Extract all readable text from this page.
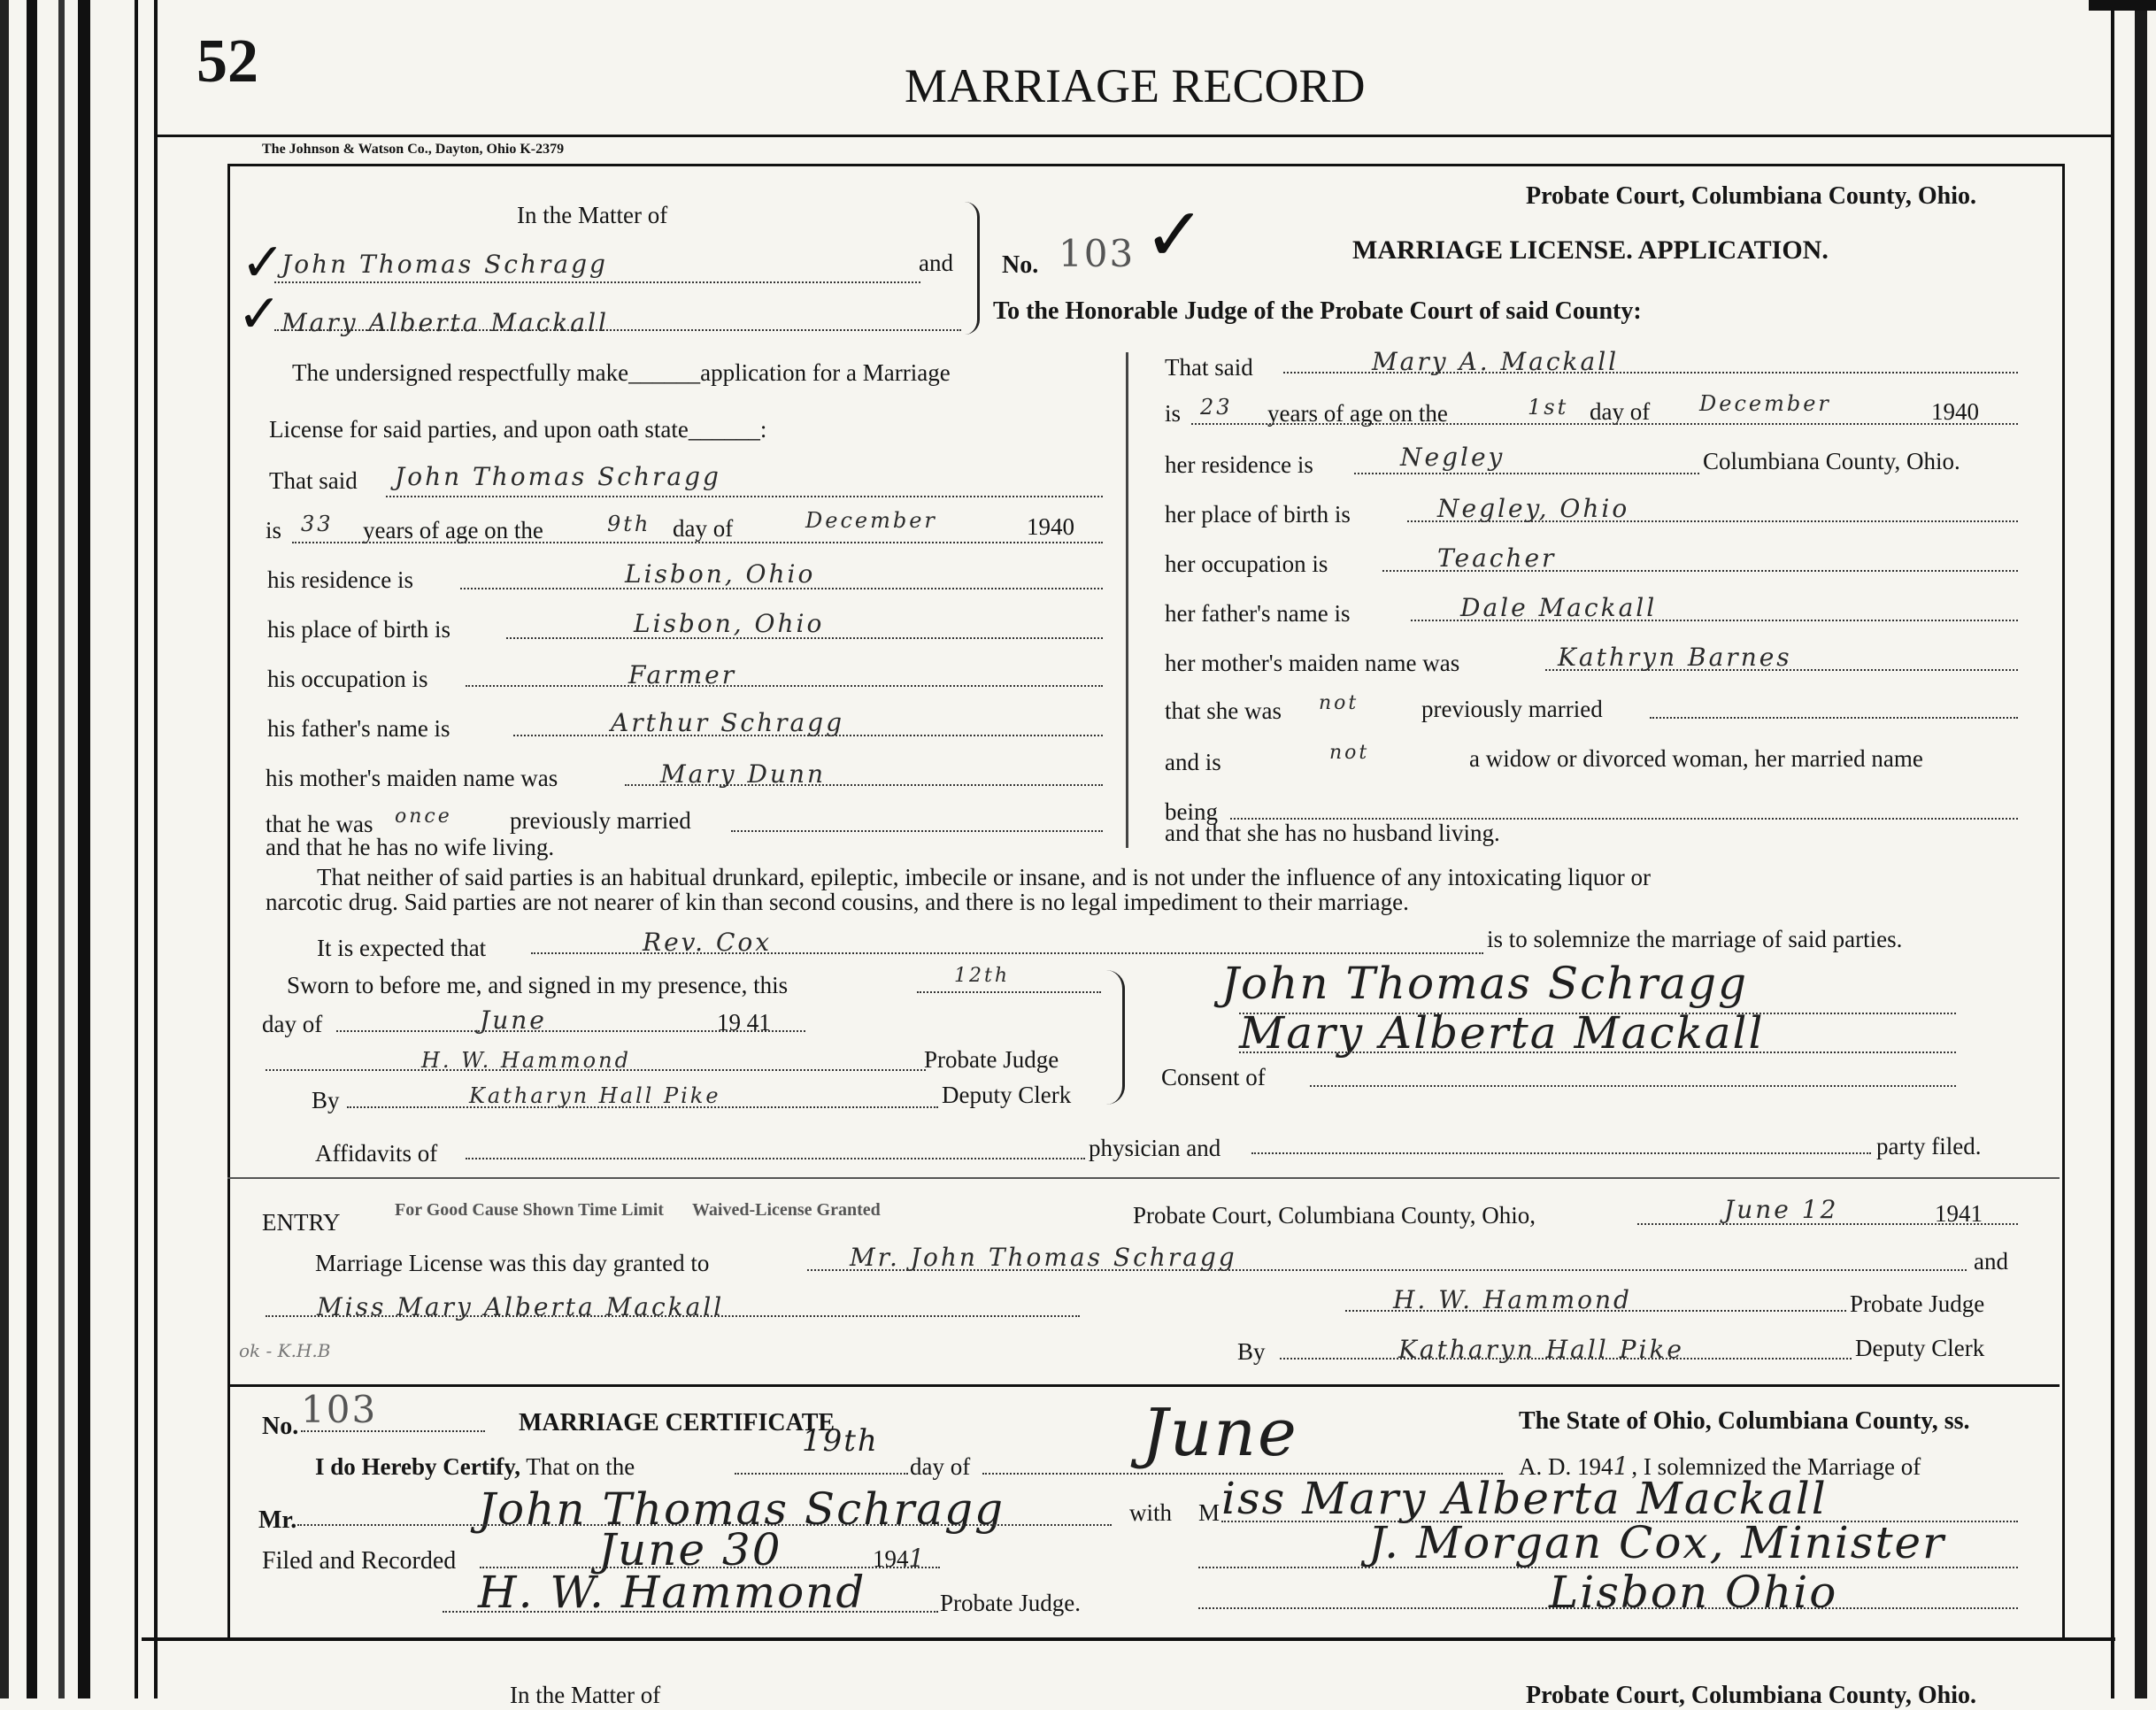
52	MARRIAGE RECORD
The Johnson & Watson Co., Dayton, Ohio K-2379
In the Matter of
✓
✓
John Thomas Schragg	and
Mary Alberta Mackall
No. 103 ✓	Probate Court, Columbiana County, Ohio.
MARRIAGE LICENSE. APPLICATION.
To the Honorable Judge of the Probate Court of said County:
The undersigned respectfully make______application for a Marriage
License for said parties, and upon oath state______:
That said John Thomas Schragg
is 33 years of age on the	9th day of	December	1940
his residence is	Lisbon, Ohio
his place of birth is	Lisbon, Ohio
his occupation is	Farmer
his father's name is	Arthur Schragg
his mother's maiden name was	Mary Dunn
that he was once previously married
and that he has no wife living.
That said	Mary A. Mackall
is 23 years of age on the	1st day of December	1940
her residence is	Negley	Columbiana County, Ohio.
her place of birth is	Negley, Ohio
her occupation is	Teacher
her father's name is	Dale Mackall
her mother's maiden name was	Kathryn Barnes
that she was not	previously married
and is	not	a widow or divorced woman, her married name
being
and that she has no husband living.
That neither of said parties is an habitual drunkard, epileptic, imbecile or insane, and is not under the influence of any intoxicating liquor or
narcotic drug. Said parties are not nearer of kin than second cousins, and there is no legal impediment to their marriage.
It is expected that	Rev. Cox	is to solemnize the marriage of said parties.
Sworn to before me, and signed in my presence, this	12th
day of	June	19 41
H. W. Hammond	Probate Judge
By	Katharyn Hall Pike	Deputy Clerk
Consent of
John Thomas Schragg
Mary Alberta Mackall
Affidavits of	physician and	party filed.
ENTRY	For Good Cause Shown Time Limit Waived-License Granted	Probate Court, Columbiana County, Ohio,	June 12	1941
Marriage License was this day granted to	Mr. John Thomas Schragg	and
Miss Mary Alberta Mackall	H. W. Hammond	Probate Judge
ok - K.H.B	By	Katharyn Hall Pike	Deputy Clerk
No. 103	MARRIAGE CERTIFICATE	The State of Ohio, Columbiana County, ss.
I do Hereby Certify, That on the
19th
day of	June	A. D. 1941, I solemnized the Marriage of
Mr.	John Thomas Schragg	with M iss Mary Alberta Mackall
Filed and Recorded	June 30	1941	J. Morgan Cox, Minister
H. W. Hammond	Probate Judge.	Lisbon Ohio
In the Matter of	Probate Court, Columbiana County, Ohio.
